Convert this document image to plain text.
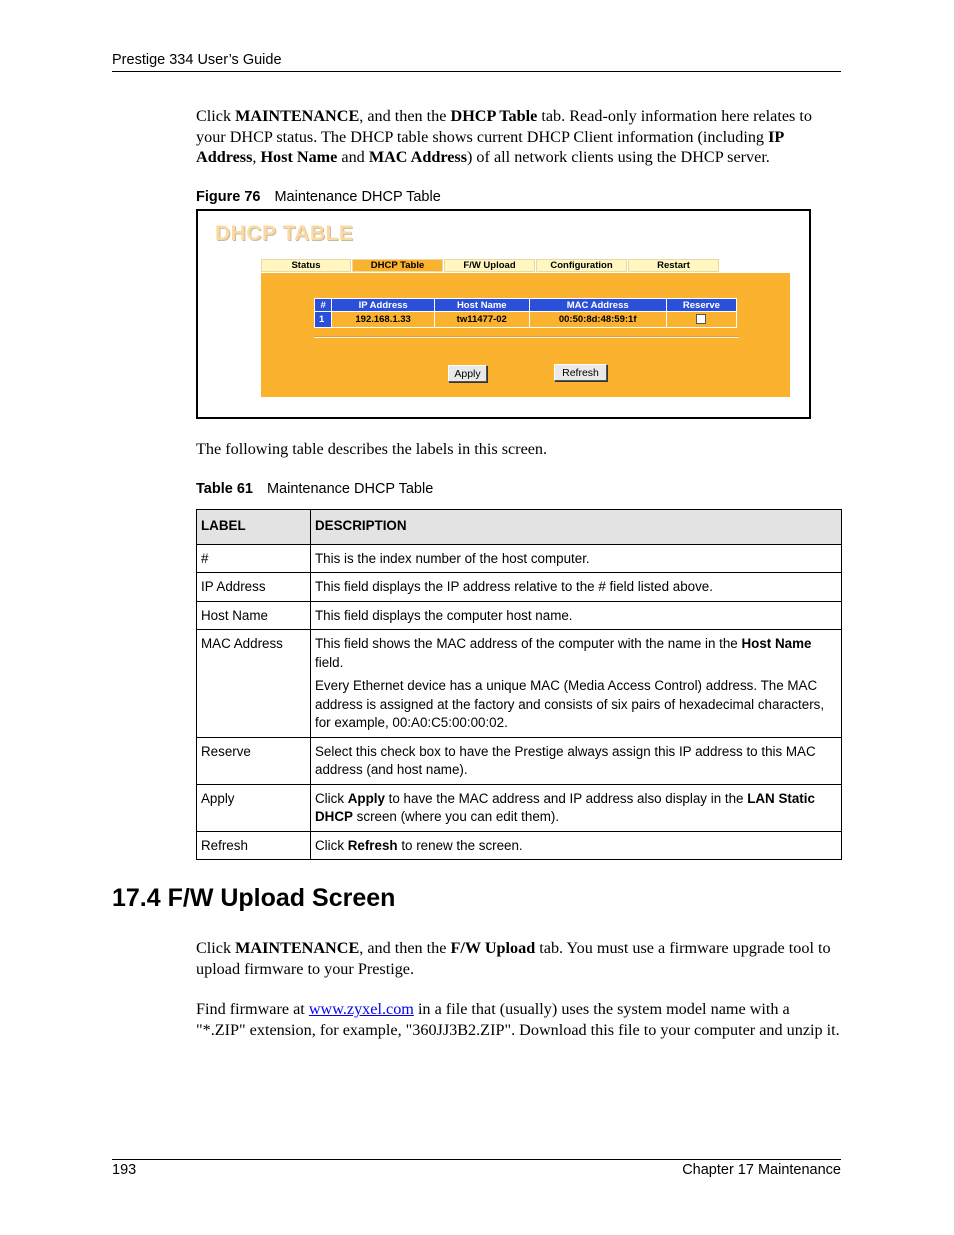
Prestige 334 User’s Guide

Click MAINTENANCE, and then the DHCP Table tab. Read-only information here relates to your DHCP status. The DHCP table shows current DHCP Client information (including IP Address, Host Name and MAC Address) of all network clients using the DHCP server.

Figure 76 Maintenance DHCP Table
DHCP TABLE
Status	DHCP Table	F/W Upload	Configuration	Restart
#	IP Address	Host Name	MAC Address	Reserve
1	192.168.1.33	tw11477-02	00:50:8d:48:59:1f	
Apply	Refresh

The following table describes the labels in this screen.

Table 61 Maintenance DHCP Table
LABEL	DESCRIPTION
#	This is the index number of the host computer.
IP Address	This field displays the IP address relative to the # field listed above.
Host Name	This field displays the computer host name.
MAC Address	This field shows the MAC address of the computer with the name in the Host Name field.

Every Ethernet device has a unique MAC (Media Access Control) address. The MAC address is assigned at the factory and consists of six pairs of hexadecimal characters, for example, 00:A0:C5:00:00:02.

Reserve	Select this check box to have the Prestige always assign this IP address to this MAC address (and host name).
Apply	Click Apply to have the MAC address and IP address also display in the LAN Static DHCP screen (where you can edit them).
Refresh	Click Refresh to renew the screen.
17.4 F/W Upload Screen

Click MAINTENANCE, and then the F/W Upload tab. You must use a firmware upgrade tool to upload firmware to your Prestige.

Find firmware at www.zyxel.com in a file that (usually) uses the system model name with a "*.ZIP" extension, for example, "360JJ3B2.ZIP". Download this file to your computer and unzip it.

193	Chapter 17 Maintenance
